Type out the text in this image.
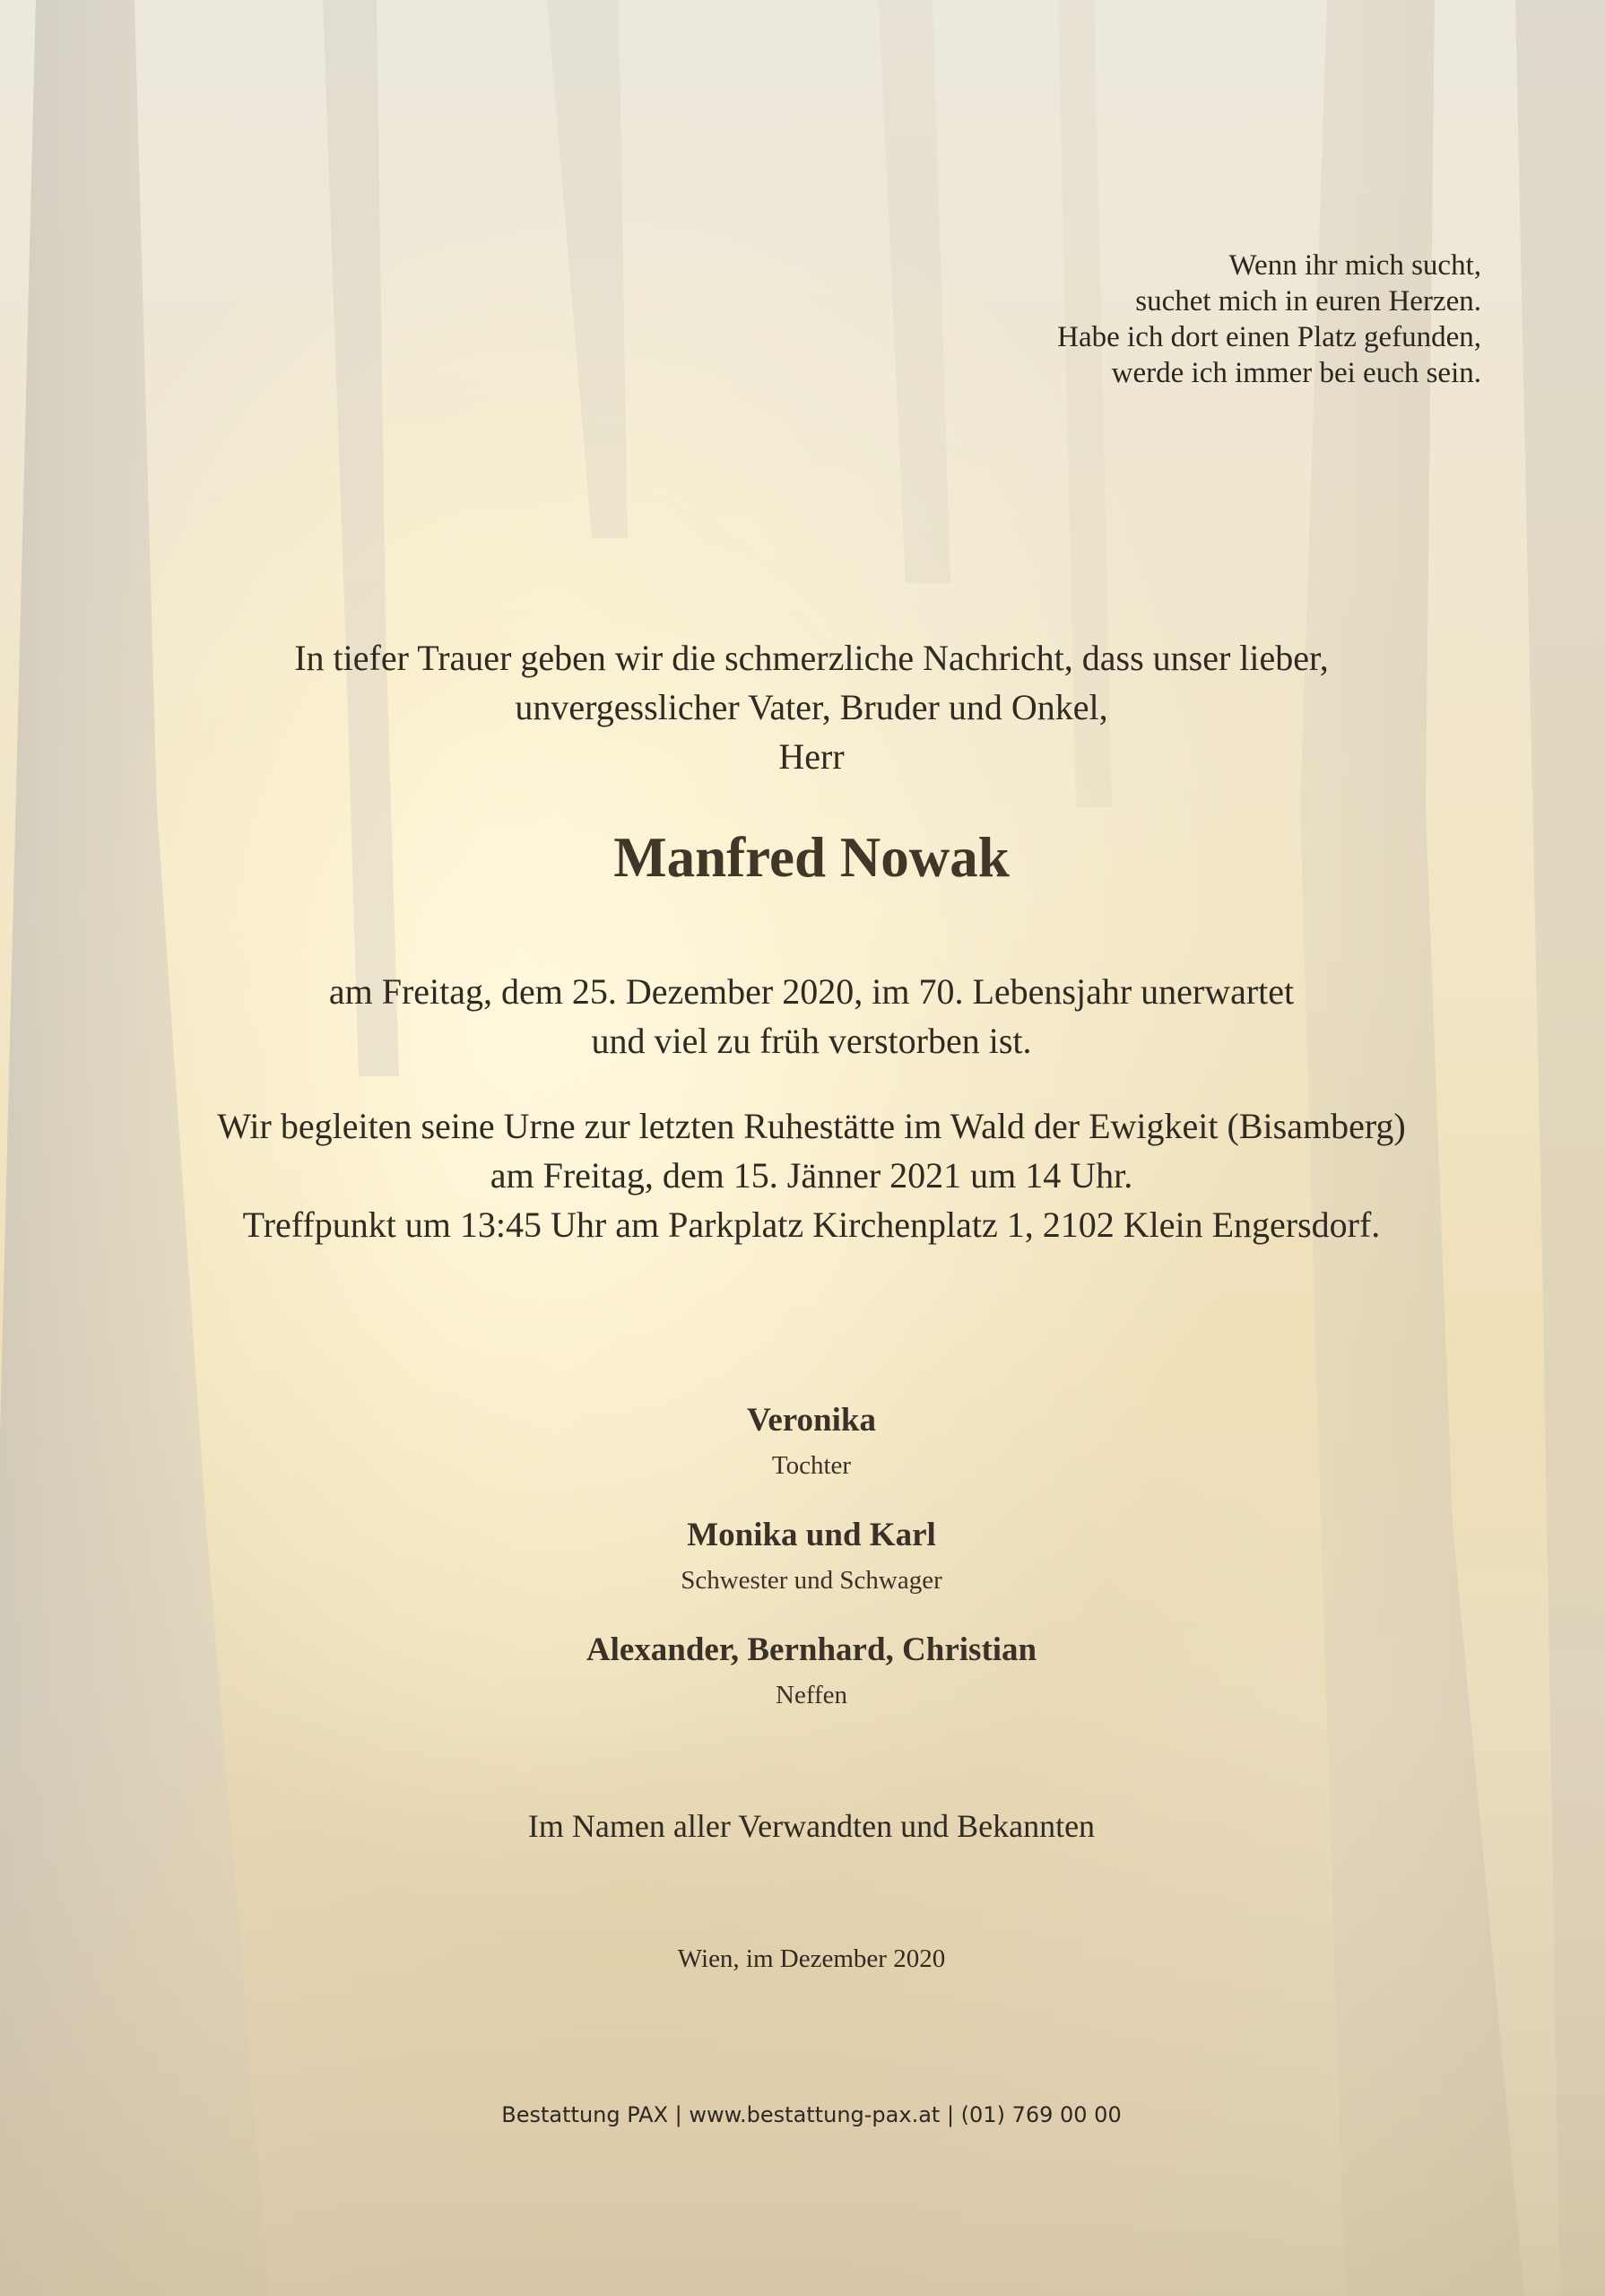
Wenn ihr mich sucht,
suchet mich in euren Herzen.
Habe ich dort einen Platz gefunden,
werde ich immer bei euch sein.
In tiefer Trauer geben wir die schmerzliche Nachricht, dass unser lieber,
unvergesslicher Vater, Bruder und Onkel,
Herr
Manfred Nowak
am Freitag, dem 25. Dezember 2020, im 70. Lebensjahr unerwartet
und viel zu früh verstorben ist.
Wir begleiten seine Urne zur letzten Ruhestätte im Wald der Ewigkeit (Bisamberg)
am Freitag, dem 15. Jänner 2021 um 14 Uhr.
Treffpunkt um 13:45 Uhr am Parkplatz Kirchenplatz 1, 2102 Klein Engersdorf.
Veronika
Tochter
Monika und Karl
Schwester und Schwager
Alexander, Bernhard, Christian
Neffen
Im Namen aller Verwandten und Bekannten
Wien, im Dezember 2020
Bestattung PAX | www.bestattung-pax.at | (01) 769 00 00
